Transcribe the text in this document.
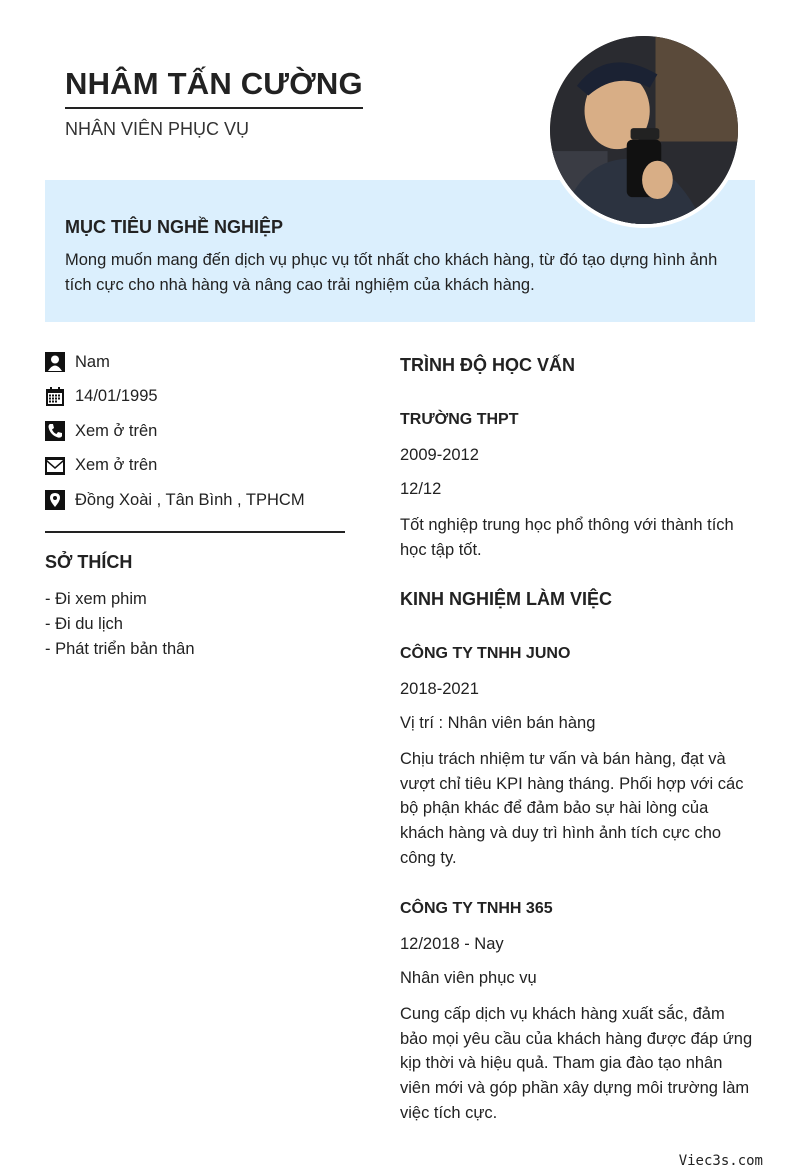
NHÂM TẤN CƯỜNG
NHÂN VIÊN PHỤC VỤ
MỤC TIÊU NGHỀ NGHIỆP

Mong muốn mang đến dịch vụ phục vụ tốt nhất cho khách hàng, từ đó tạo dựng hình ảnh tích cực cho nhà hàng và nâng cao trải nghiệm của khách hàng.

Nam
14/01/1995
Xem ở trên
Xem ở trên
Đồng Xoài , Tân Bình , TPHCM
SỞ THÍCH
- Đi xem phim
- Đi du lịch
- Phát triển bản thân
TRÌNH ĐỘ HỌC VẤN
TRƯỜNG THPT
2009-2012
12/12

Tốt nghiệp trung học phổ thông với thành tích học tập tốt.

KINH NGHIỆM LÀM VIỆC
CÔNG TY TNHH JUNO
2018-2021
Vị trí : Nhân viên bán hàng

Chịu trách nhiệm tư vấn và bán hàng, đạt và vượt chỉ tiêu KPI hàng tháng. Phối hợp với các bộ phận khác để đảm bảo sự hài lòng của khách hàng và duy trì hình ảnh tích cực cho công ty.

CÔNG TY TNHH 365
12/2018 - Nay
Nhân viên phục vụ

Cung cấp dịch vụ khách hàng xuất sắc, đảm bảo mọi yêu cầu của khách hàng được đáp ứng kịp thời và hiệu quả. Tham gia đào tạo nhân viên mới và góp phần xây dựng môi trường làm việc tích cực.

Viec3s.com
